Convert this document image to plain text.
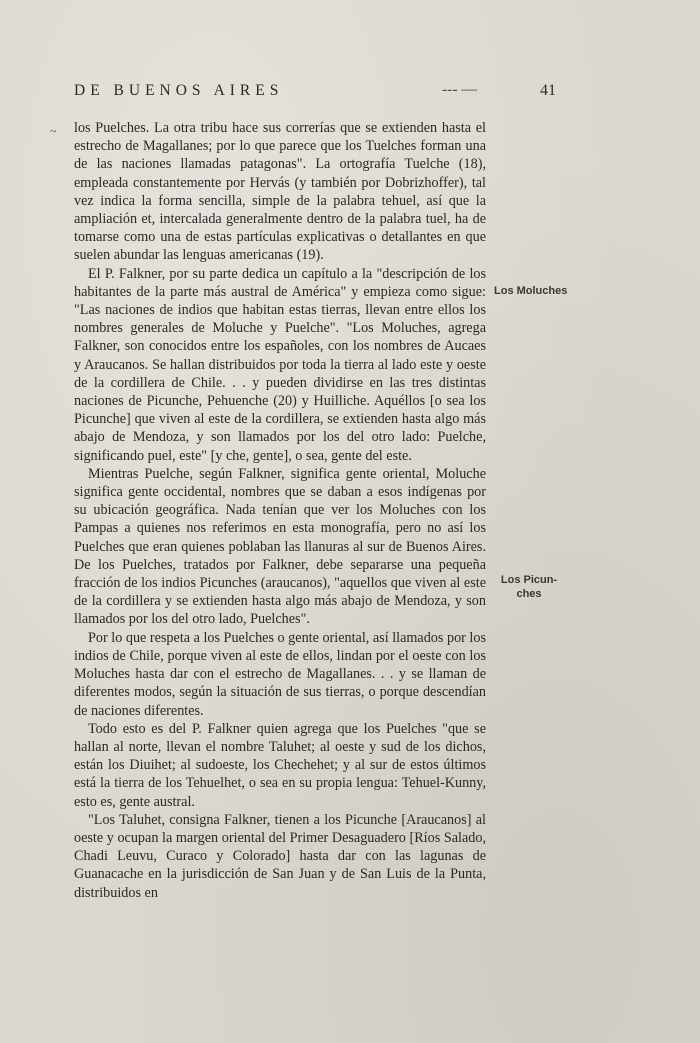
DE BUENOS AIRES	--- —	41
~ los Puelches. La otra tribu hace sus correrías que se extienden hasta el estrecho de Magallanes; por lo que parece que los Tuelches forman una de las naciones llamadas patagonas". La ortografía Tuelche (18), empleada constantemente por Hervás (y también por Dobrizhoffer), tal vez indica la forma sencilla, simple de la palabra tehuel, así que la ampliación et, intercalada generalmente dentro de la palabra tuel, ha de tomarse como una de estas partículas explicativas o detallantes en que suelen abundar las lenguas americanas (19).

El P. Falkner, por su parte dedica un capítulo a la "descripción de los habitantes de la parte más austral de América" y empieza como sigue: "Las naciones de indios que habitan estas tierras, llevan entre ellos los nombres generales de Moluche y Puelche". "Los Moluches, agrega Falkner, son conocidos entre los españoles, con los nombres de Aucaes y Araucanos. Se hallan distribuidos por toda la tierra al lado este y oeste de la cordillera de Chile. . . y pueden dividirse en las tres distintas naciones de Picunche, Pehuenche (20) y Huilliche. Aquéllos [o sea los Picunche] que viven al este de la cordillera, se extienden hasta algo más abajo de Mendoza, y son llamados por los del otro lado: Puelche, significando puel, este" [y che, gente], o sea, gente del este.

Mientras Puelche, según Falkner, significa gente oriental, Moluche significa gente occidental, nombres que se daban a esos indígenas por su ubicación geográfica. Nada tenían que ver los Moluches con los Pampas a quienes nos referimos en esta monografía, pero no así los Puelches que eran quienes poblaban las llanuras al sur de Buenos Aires. De los Puelches, tratados por Falkner, debe separarse una pequeña fracción de los indios Picunches (araucanos), "aquellos que viven al este de la cordillera y se extienden hasta algo más abajo de Mendoza, y son llamados por los del otro lado, Puelches".

Por lo que respeta a los Puelches o gente oriental, así llamados por los indios de Chile, porque viven al este de ellos, lindan por el oeste con los Moluches hasta dar con el estrecho de Magallanes. . . y se llaman de diferentes modos, según la situación de sus tierras, o porque descendían de naciones diferentes.

Todo esto es del P. Falkner quien agrega que los Puelches "que se hallan al norte, llevan el nombre Taluhet; al oeste y sud de los dichos, están los Diuihet; al sudoeste, los Chechehet; y al sur de estos últimos está la tierra de los Tehuelhet, o sea en su propia lengua: Tehuel-Kunny, esto es, gente austral.

"Los Taluhet, consigna Falkner, tienen a los Picunche [Araucanos] al oeste y ocupan la margen oriental del Primer Desaguadero [Ríos Salado, Chadi Leuvu, Curaco y Colorado] hasta dar con las lagunas de Guanacache en la jurisdicción de San Juan y de San Luis de la Punta, distribuidos en

Los Moluches
Los Picun-ches
